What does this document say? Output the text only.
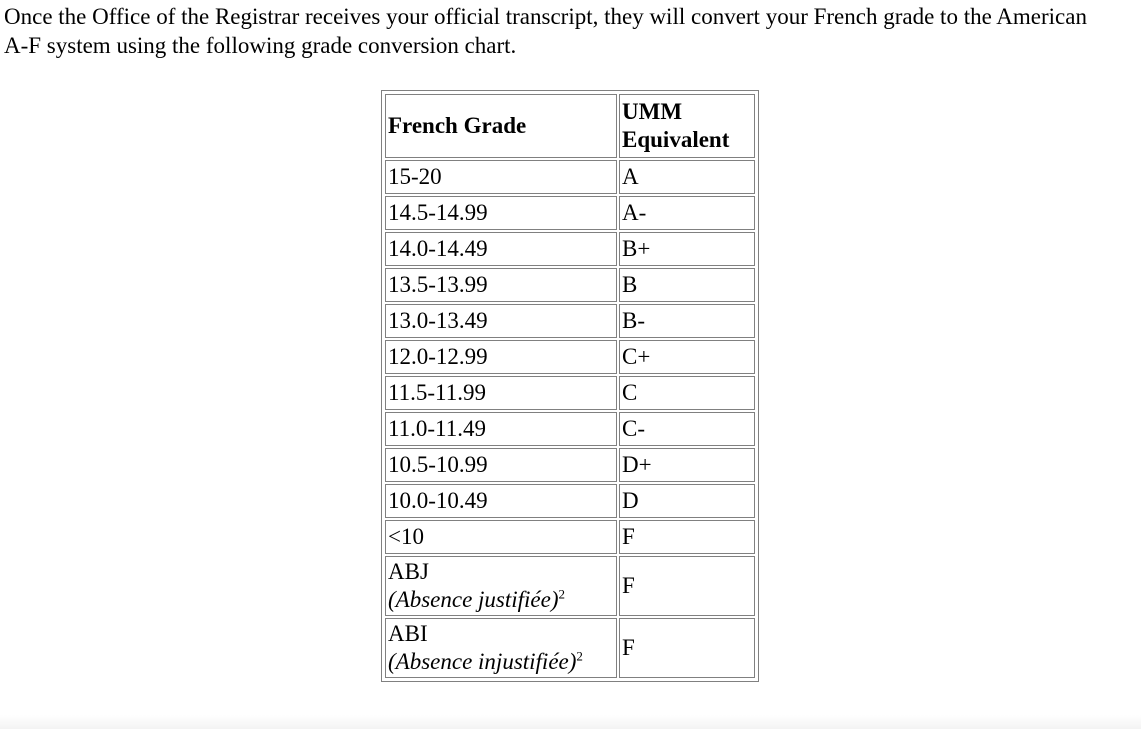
Once the Office of the Registrar receives your official transcript, they will convert your French grade to the American A-F system using the following grade conversion chart.

French Grade	UMM Equivalent
15-20	A
14.5-14.99	A-
14.0-14.49	B+
13.5-13.99	B
13.0-13.49	B-
12.0-12.99	C+
11.5-11.99	C
11.0-11.49	C-
10.5-10.99	D+
10.0-10.49	D
<10	F
ABJ
(Absence justifiée)$^2$	F
ABI
(Absence injustifiée)$^2$	F
